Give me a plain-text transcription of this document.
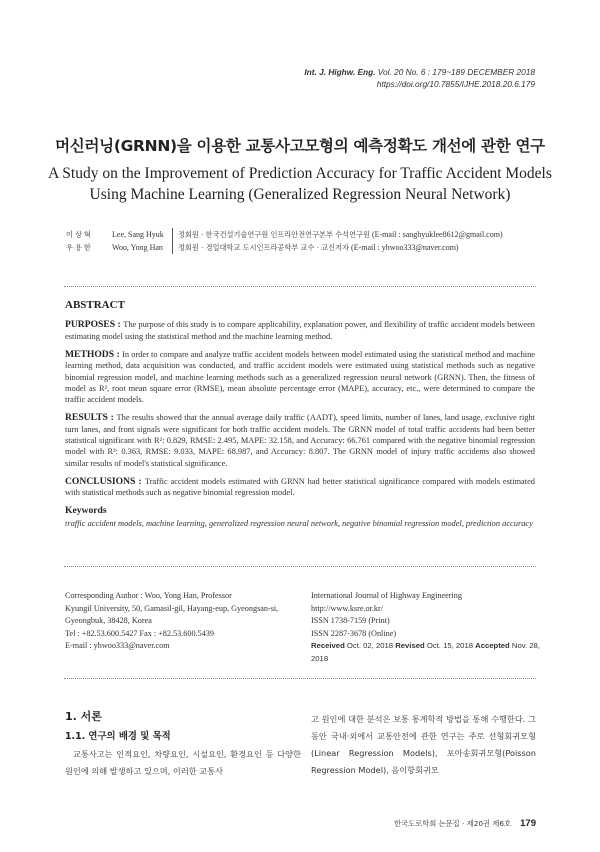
Int. J. Highw. Eng. Vol. 20 No. 6 : 179~189 DECEMBER 2018
https://doi.org/10.7855/IJHE.2018.20.6.179
머신러닝(GRNN)을 이용한 교통사고모형의 예측정확도 개선에 관한 연구
A Study on the Improvement of Prediction Accuracy for Traffic Accident Models Using Machine Learning (Generalized Regression Neural Network)
이상혁	Lee, Sang Hyuk	정회원 · 한국건설기술연구원 인프라안전연구본부 수석연구원 (E-mail : sanghyuklee8612@gmail.com)
우용한	Woo, Yong Han	정회원 · 경일대학교 도시인프라공학부 교수 · 교신저자 (E-mail : yhwoo333@naver.com)
ABSTRACT

PURPOSES : The purpose of this study is to compare applicability, explanation power, and flexibility of traffic accident models between estimating model using the statistical method and the machine learning method.

METHODS : In order to compare and analyze traffic accident models between model estimated using the statistical method and machine learning method, data acquisition was conducted, and traffic accident models were estimated using statistical methods such as negative binomial regression model, and machine learning methods such as a generalized regression neural network (GRNN). Then, the fitness of model as R², root mean square error (RMSE), mean absolute percentage error (MAPE), accuracy, etc., were determined to compare the traffic accident models.

RESULTS : The results showed that the annual average daily traffic (AADT), speed limits, number of lanes, land usage, exclusive right turn lanes, and front signals were significant for both traffic accident models. The GRNN model of total traffic accidents had been better statistical significant with R²: 0.829, RMSE: 2.495, MAPE: 32.158, and Accuracy: 66.761 compared with the negative binomial regression model with R²: 0.363, RMSE: 9.033, MAPE: 68.987, and Accuracy: 8.807. The GRNN model of injury traffic accidents also showed similar results of model's statistical significance.

CONCLUSIONS : Traffic accident models estimated with GRNN had better statistical significance compared with models estimated with statistical methods such as negative binomial regression model.

Keywords

traffic accident models, machine learning, generalized regression neural network, negative binomial regression model, prediction accuracy

Corresponding Author : Woo, Yong Han, Professor
Kyungil University, 50, Gamasil-gil, Hayang-eup, Gyeongsan-si,
Gyeongbuk, 38428, Korea
Tel : +82.53.600.5427 Fax : +82.53.600.5439
E-mail : yhwoo333@naver.com
International Journal of Highway Engineering
http://www.ksre.or.kr/
ISSN 1738-7159 (Print)
ISSN 2287-3678 (Online)
Received Oct. 02, 2018 Revised Oct. 15, 2018 Accepted Nov. 28, 2018
1. 서론
1.1. 연구의 배경 및 목적
교통사고는 인적요인, 차량요인, 시설요인, 환경요인 등 다양한 원인에 의해 발생하고 있으며, 이러한 교통사
고 원인에 대한 분석은 보통 통계학적 방법을 통해 수행한다. 그동안 국내·외에서 교통안전에 관한 연구는 주로 선형회귀모형(Linear Regression Models), 포아송회귀모형(Poisson Regression Model), 음이항회귀모
한국도로학회 논문집 · 제20권 제6호 179
